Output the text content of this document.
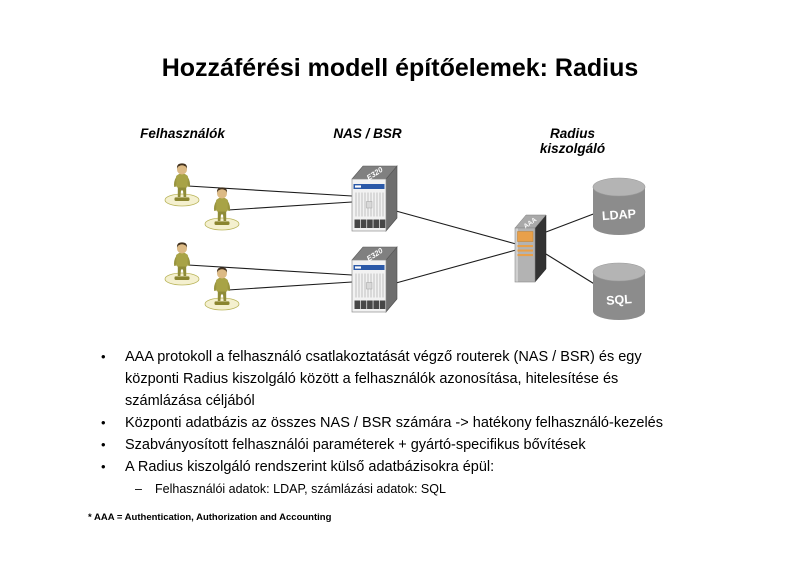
Hozzáférési modell építőelemek: Radius
Felhasználók	NAS / BSR	Radius
kiszolgáló
E320
E320
AAA
LDAP
SQL
•	AAA protokoll a felhasználó csatlakoztatását végző routerek (NAS / BSR) és egy központi Radius kiszolgáló között a felhasználók azonosítása, hitelesítése és számlázása céljából
•	Központi adatbázis az összes NAS / BSR számára -> hatékony felhasználó-kezelés
•	Szabványosított felhasználói paraméterek + gyártó-specifikus bővítések
•	A Radius kiszolgáló rendszerint külső adatbázisokra épül:
–	Felhasználói adatok: LDAP, számlázási adatok: SQL
* AAA = Authentication, Authorization and Accounting
